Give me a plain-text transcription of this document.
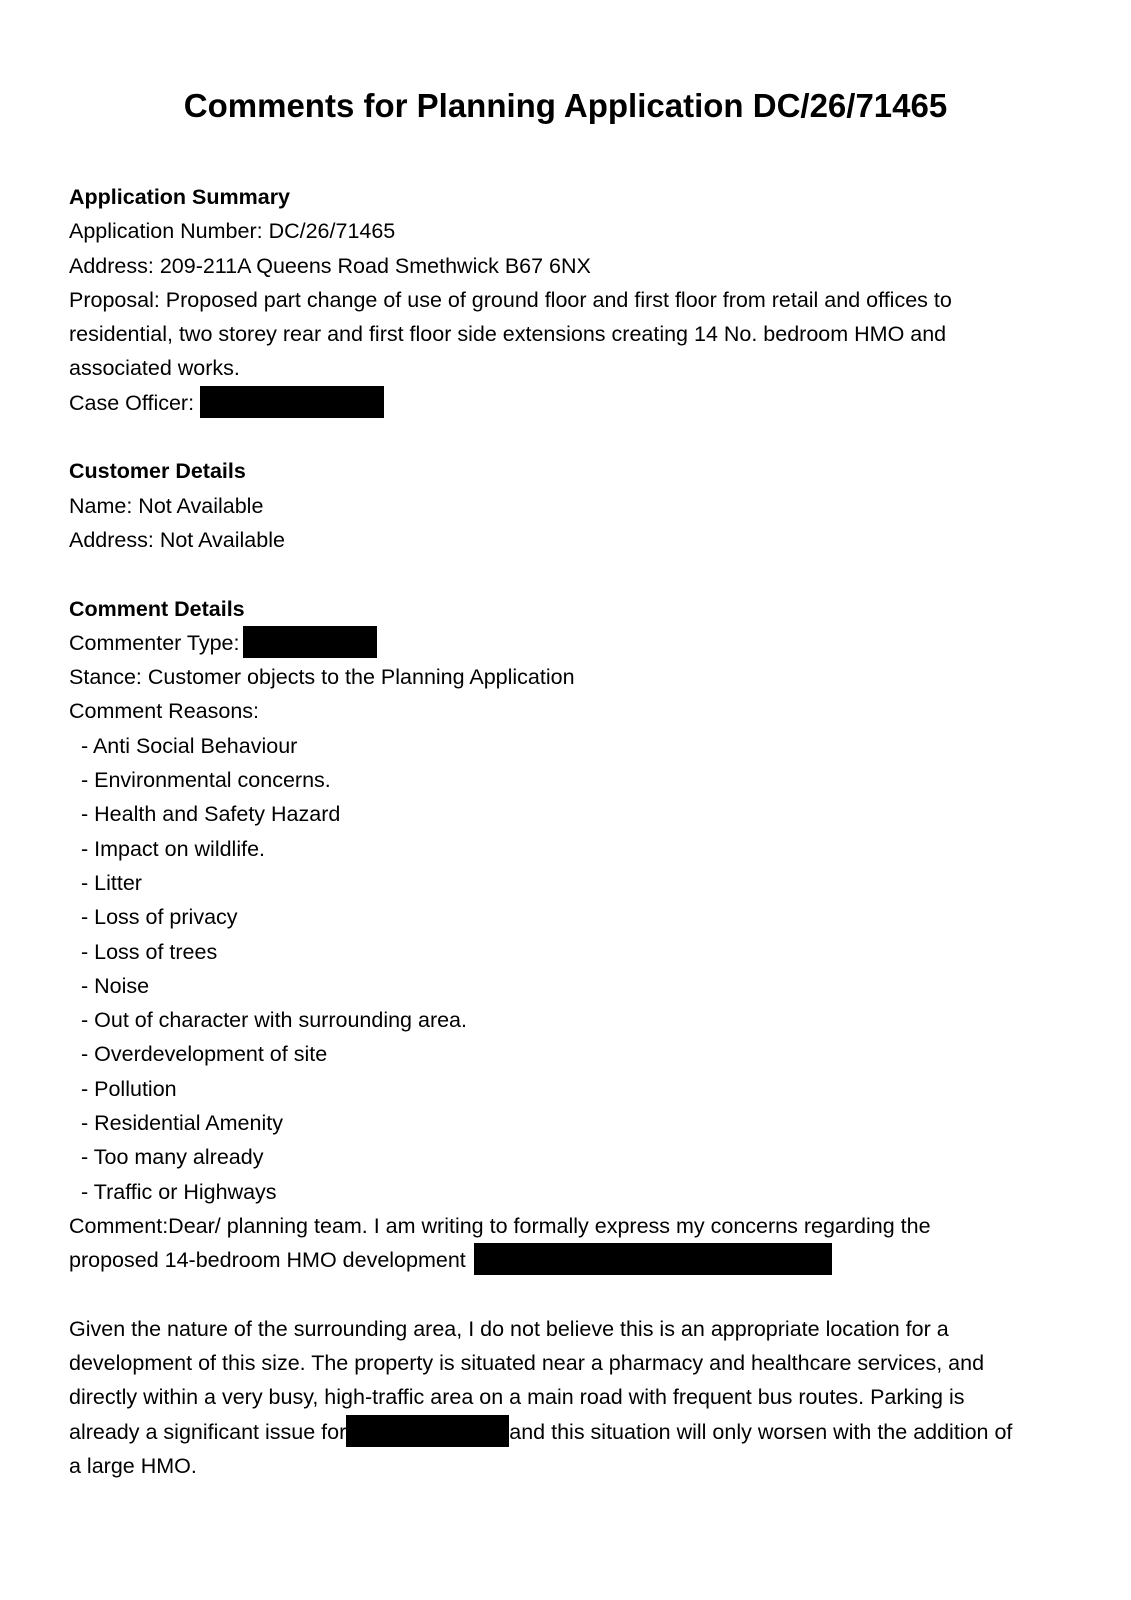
Comments for Planning Application DC/26/71465
Application Summary
Application Number: DC/26/71465
Address: 209-211A Queens Road Smethwick B67 6NX
Proposal: Proposed part change of use of ground floor and first floor from retail and offices to
residential, two storey rear and first floor side extensions creating 14 No. bedroom HMO and
associated works.
Case Officer:
Customer Details
Name: Not Available
Address: Not Available
Comment Details
Commenter Type:
Stance: Customer objects to the Planning Application
Comment Reasons:
- Anti Social Behaviour
- Environmental concerns.
- Health and Safety Hazard
- Impact on wildlife.
- Litter
- Loss of privacy
- Loss of trees
- Noise
- Out of character with surrounding area.
- Overdevelopment of site
- Pollution
- Residential Amenity
- Too many already
- Traffic or Highways
Comment:Dear/ planning team. I am writing to formally express my concerns regarding the
proposed 14-bedroom HMO development
Given the nature of the surrounding area, I do not believe this is an appropriate location for a
development of this size. The property is situated near a pharmacy and healthcare services, and
directly within a very busy, high-traffic area on a main road with frequent bus routes. Parking is
already a significant issue for	and this situation will only worsen with the addition of
a large HMO.
